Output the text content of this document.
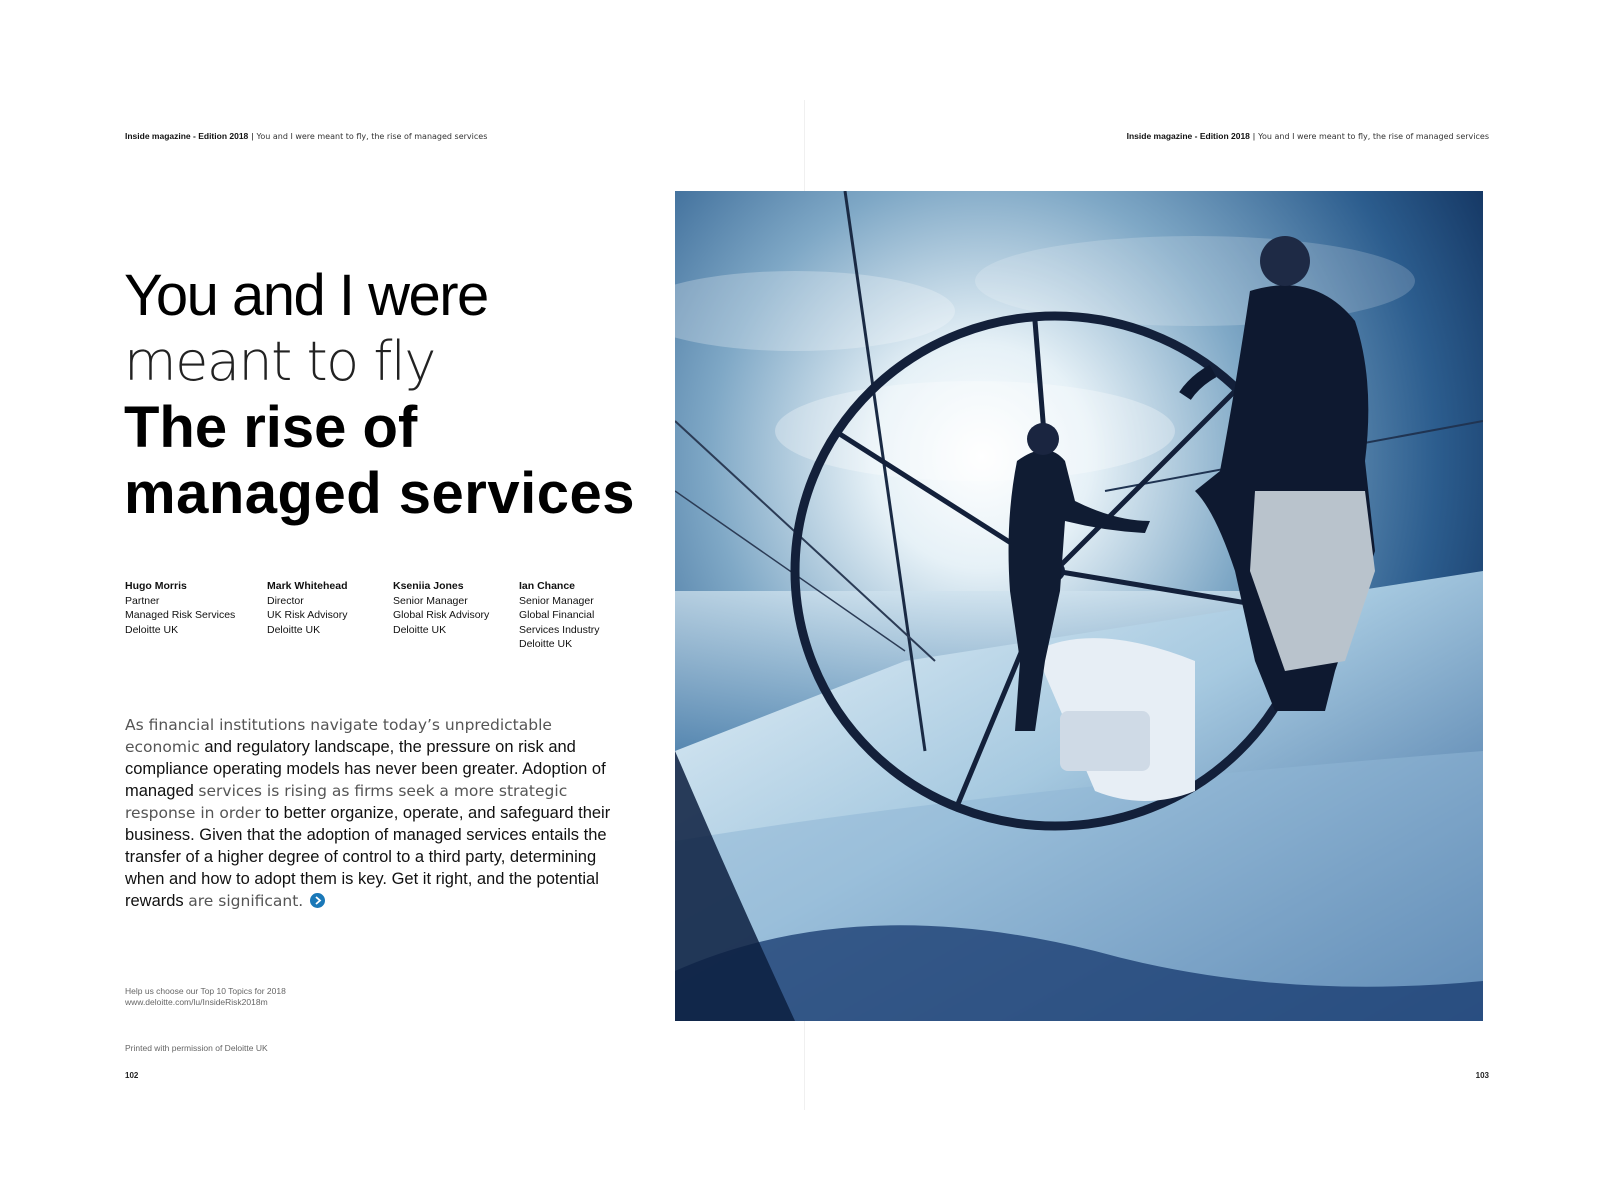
Inside magazine - Edition 2018 | You and I were meant to fly, the rise of managed services	Inside magazine - Edition 2018 | You and I were meant to fly, the rise of managed services
You and I were
meant to fly
The rise of
managed services
Hugo Morris
Partner
Managed Risk Services
Deloitte UK
Mark Whitehead
Director
UK Risk Advisory
Deloitte UK
Kseniia Jones
Senior Manager
Global Risk Advisory
Deloitte UK
Ian Chance
Senior Manager
Global Financial
Services Industry
Deloitte UK

As financial institutions navigate today’s unpredictable economic and regulatory landscape, the pressure on risk and compliance operating models has never been greater. Adoption of managed services is rising as firms seek a more strategic response in order to better organize, operate, and safeguard their business. Given that the adoption of managed services entails the transfer of a higher degree of control to a third party, determining when and how to adopt them is key. Get it right, and the potential rewards are significant.

Help us choose our Top 10 Topics for 2018
www.deloitte.com/lu/InsideRisk2018m
Printed with permission of Deloitte UK
102	103
